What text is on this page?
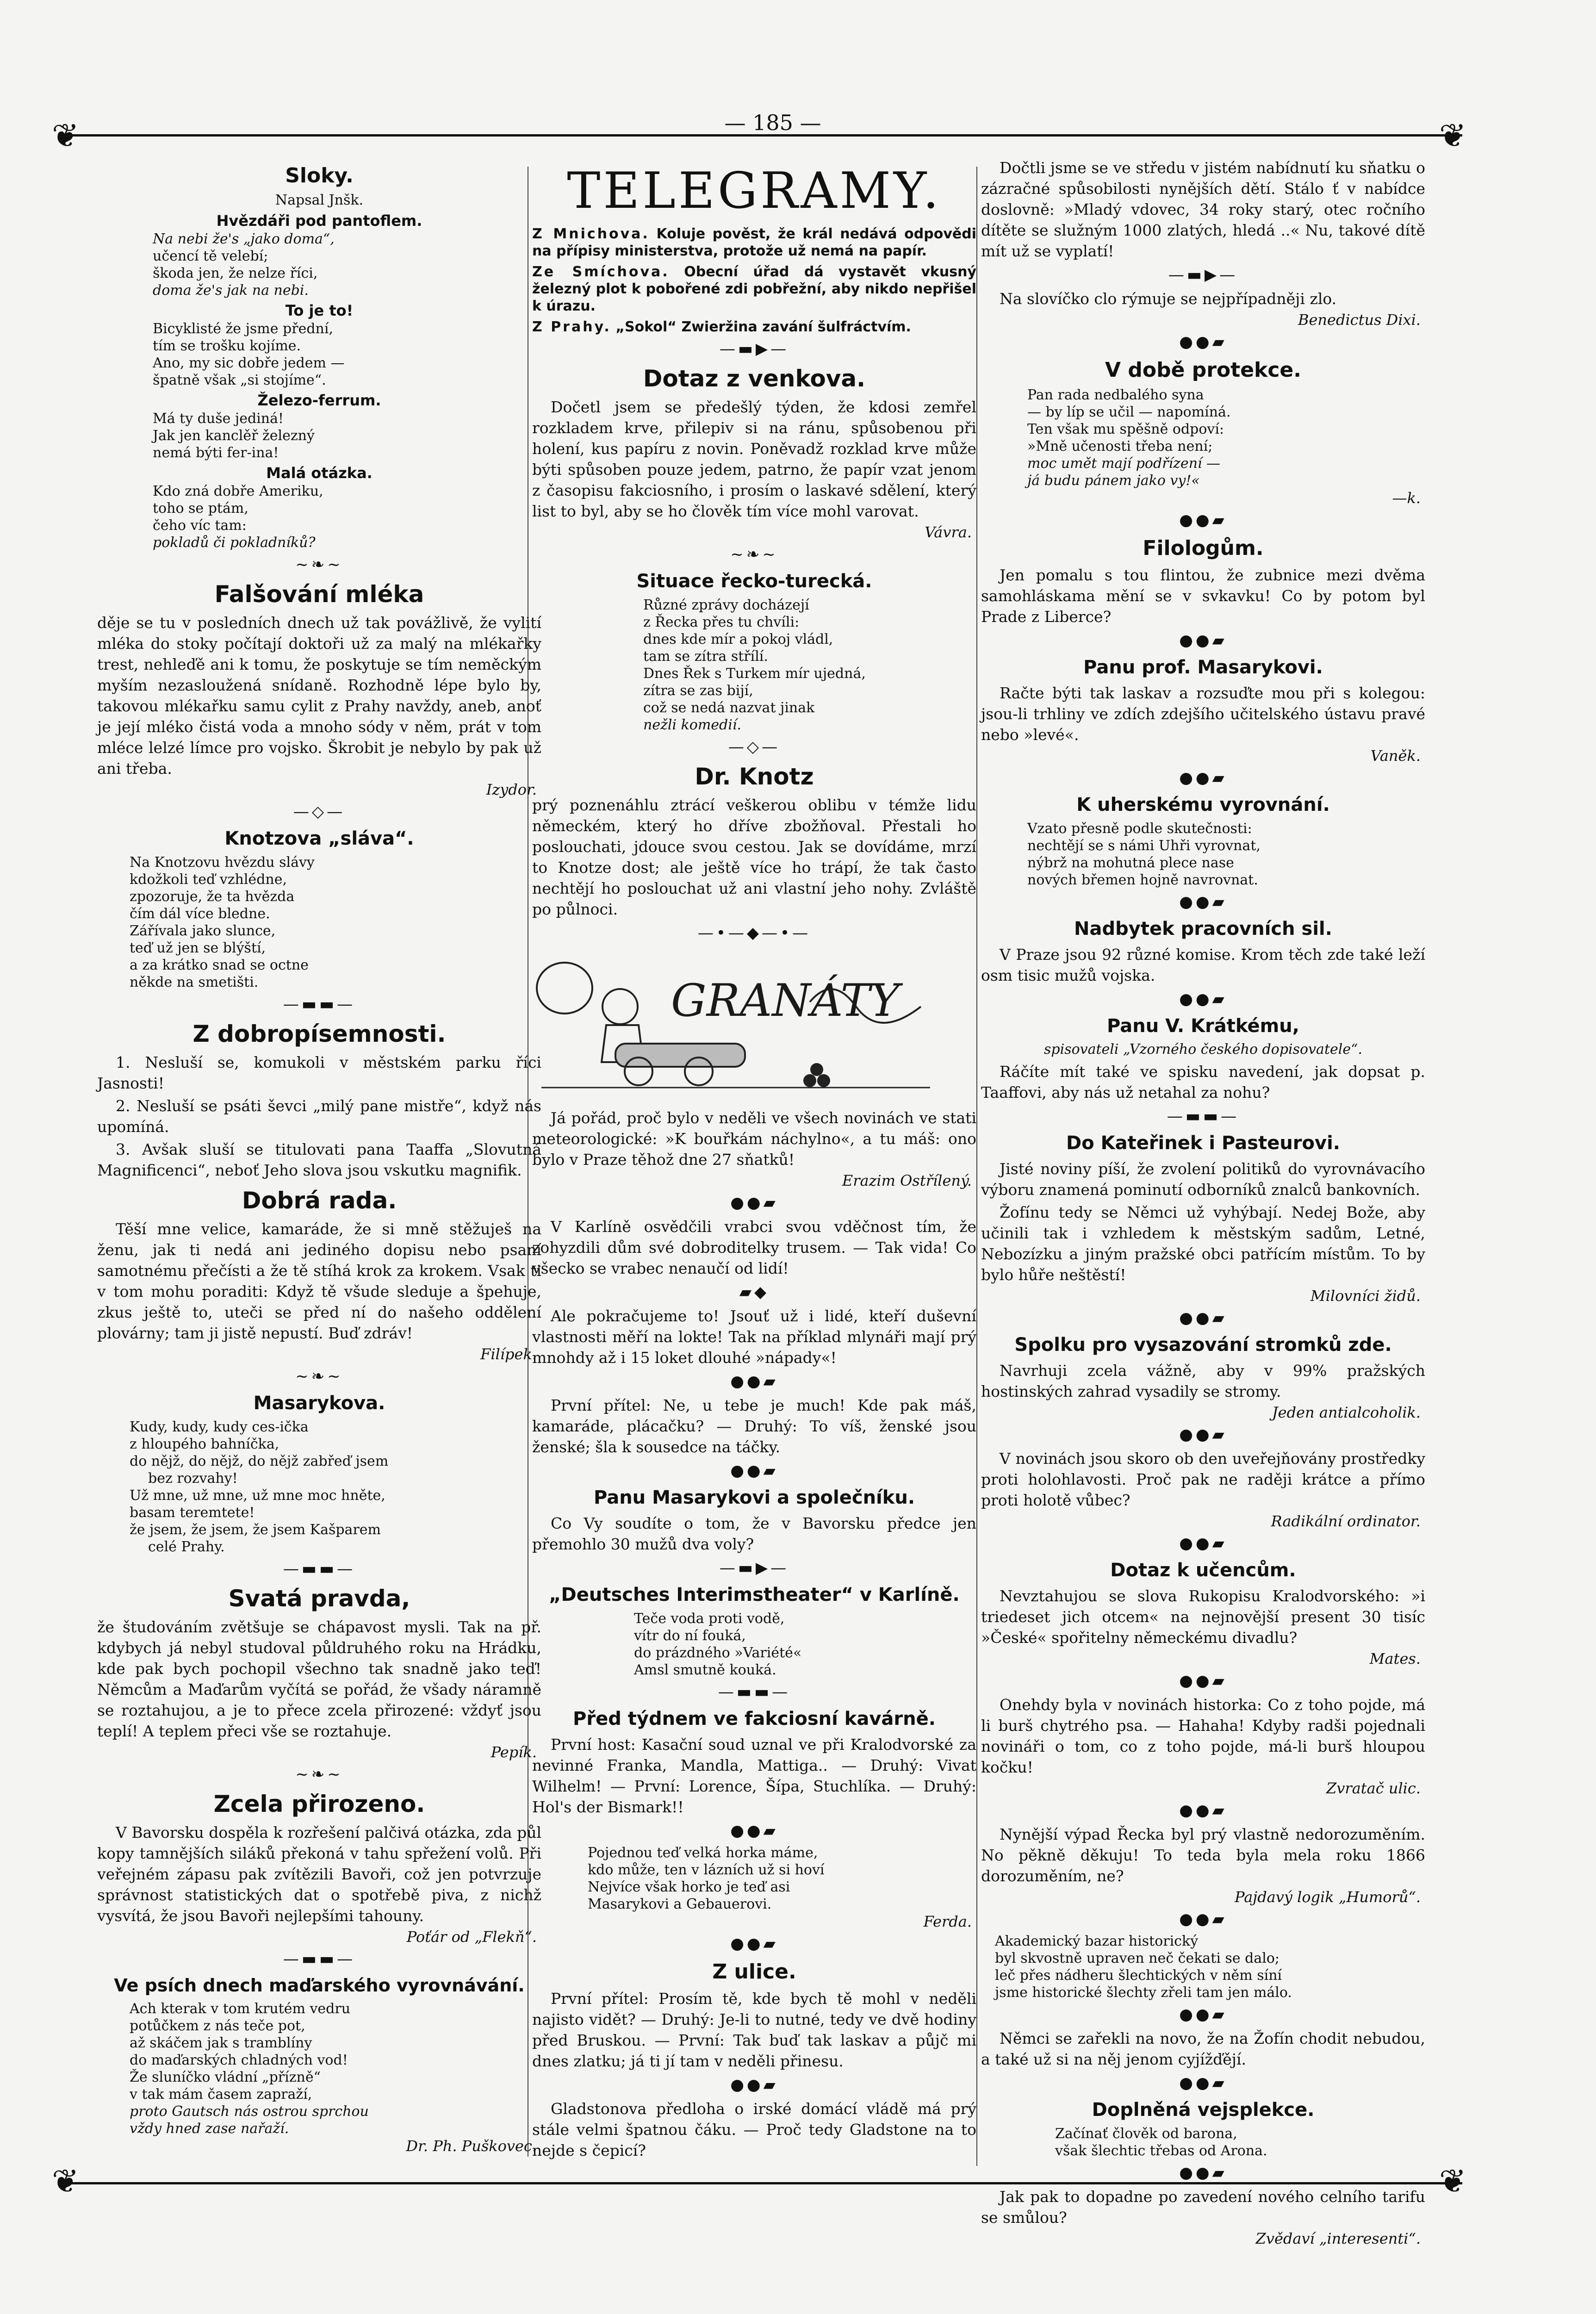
— 185 —
❦	❦
❦	❦
Sloky.
Napsal Jnšk.
Hvězdáři pod pantoflem.
Na nebi že's „jako doma“,
učencí tě velebí;
škoda jen, že nelze říci,
doma že's jak na nebi.
To je to!
Bicyklisté že jsme přední,
tím se trošku kojíme.
Ano, my sic dobře jedem —
špatně však „si stojíme“.
Železo-ferrum.
Má ty duše jediná!
Jak jen kanclěř železný
nemá býti fer-ina!
Malá otázka.
Kdo zná dobře Ameriku,
toho se ptám,
čeho víc tam:
pokladů či pokladníků?
~❧~
Falšování mléka

děje se tu v posledních dnech už tak povážlivě, že vylití mléka do stoky počítají doktoři už za malý na mlékařky trest, nehleďě ani k tomu, že poskytuje se tím neměckým myším nezasloužená snídaně. Rozhodně lépe bylo by, takovou mlékařku samu cylit z Prahy navždy, aneb, anoť je její mléko čistá voda a mnoho sódy v něm, prát v tom mléce lelzé límce pro vojsko. Škrobit je nebylo by pak už ani třeba.

Izydor.
—◇—
Knotzova „sláva“.
Na Knotzovu hvězdu slávy
kdožkoli teď vzhlédne,
zpozoruje, že ta hvězda
čím dál více bledne.
Zářívala jako slunce,
teď už jen se blýští,
a za krátko snad se octne
někde na smetišti.
—▬▬—
Z dobropísemnosti.

1. Nesluší se, komukoli v městském parku říci Jasnosti!

2. Nesluší se psáti ševci „milý pane mistře“, když nás upomíná.

3. Avšak sluší se titulovati pana Taaffa „Slovutná Magnificenci“, neboť Jeho slova jsou vskutku magnifik.

Dobrá rada.

Těší mne velice, kamaráde, že si mně stěžuješ na ženu, jak ti nedá ani jediného dopisu nebo psaní samotnému přečísti a že tě stíhá krok za krokem. Vsak ti v tom mohu poraditi: Když tě všude sleduje a špehuje, zkus ještě to, uteči se před ní do našeho oddělení plovárny; tam ji jistě nepustí. Buď zdráv!

Filípek.
~❧~
Masarykova.
Kudy, kudy, kudy ces-ička
z hloupého bahníčka,
do nějž, do nějž, do nějž zabřeď jsem
bez rozvahy!
Už mne, už mne, už mne moc hněte,
basam teremtete!
že jsem, že jsem, že jsem Kašparem
celé Prahy.
—▬▬—
Svatá pravda,

že študováním zvětšuje se chápavost mysli. Tak na př. kdybych já nebyl studoval půldruhého roku na Hrádku, kde pak bych pochopil všechno tak snadně jako teď! Němcům a Maďarům vyčítá se pořád, že všady náramně se roztahujou, a je to přece zcela přirozené: vždyť jsou teplí! A teplem přeci vše se roztahuje.

Pepík.
~❧~
Zcela přirozeno.

V Bavorsku dospěla k rozřešení palčivá otázka, zda půl kopy tamnějších siláků překoná v tahu spřežení volů. Při veřejném zápasu pak zvítězili Bavoři, což jen potvrzuje správnost statistických dat o spotřebě piva, z nichž vysvítá, že jsou Bavoři nejlepšími tahouny.

Poťár od „Flekň“.
—▬▬—
Ve psích dnech maďarského vyrovnávání.
Ach kterak v tom krutém vedru
potůčkem z nás teče pot,
až skáčem jak s tramblíny
do maďarských chladných vod!
Že sluníčko vládní „přízně“
v tak mám časem zapraží,
proto Gautsch nás ostrou sprchou
vždy hned zase nařaží.
Dr. Ph. Puškovec.
TELEGRAMY.

Z Mnichova. Koluje pověst, že král nedává odpovědi na přípisy ministerstva, protože už nemá na papír.

Ze Smíchova. Obecní úřad dá vystavět vkusný železný plot k pobořené zdi pobřežní, aby nikdo nepřišel k úrazu.

Z Prahy. „Sokol“ Zwieržina zavání šulfráctvím.

—▬▶—
Dotaz z venkova.

Dočetl jsem se předešlý týden, že kdosi zemřel rozkladem krve, přilepiv si na ránu, spůsobenou při holení, kus papíru z novin. Poněvadž rozklad krve může býti spůsoben pouze jedem, patrno, že papír vzat jenom z časopisu fakciosního, i prosím o laskavé sdělení, který list to byl, aby se ho člověk tím více mohl varovat.

Vávra.
~❧~
Situace řecko-turecká.
Různé zprávy docházejí
z Řecka přes tu chvíli:
dnes kde mír a pokoj vládl,
tam se zítra střílí.
Dnes Řek s Turkem mír ujedná,
zítra se zas bijí,
což se nedá nazvat jinak
nežli komedií.
—◇—
Dr. Knotz

prý poznenáhlu ztrácí veškerou oblibu v témže lidu německém, který ho dříve zbožňoval. Přestali ho poslouchati, jdouce svou cestou. Jak se dovídáme, mrzí to Knotze dost; ale ještě více ho trápí, že tak často nechtějí ho poslouchat už ani vlastní jeho nohy. Zvláště po půlnoci.

—•—◆—•—
GRANÁTY

Já pořád, proč bylo v neděli ve všech novinách ve stati meteorologické: »K bouřkám náchylno«, a tu máš: ono bylo v Praze těhož dne 27 sňatků!

Erazim Ostřílený.
●●▰

V Karlíně osvědčili vrabci svou vděčnost tím, že zohyzdili dům své dobroditelky trusem. — Tak vida! Co všecko se vrabec nenaučí od lidí!

▰◆

Ale pokračujeme to! Jsouť už i lidé, kteří duševní vlastnosti měří na lokte! Tak na příklad mlynáři mají prý mnohdy až i 15 loket dlouhé »nápady«!

●●▰

První přítel: Ne, u tebe je much! Kde pak máš, kamaráde, plácačku? — Druhý: To víš, ženské jsou ženské; šla k sousedce na táčky.

●●▰
Panu Masarykovi a společníku.

Co Vy soudíte o tom, že v Bavorsku předce jen přemohlo 30 mužů dva voly?

—▬▶—
„Deutsches Interimstheater“ v Karlíně.
Teče voda proti vodě,
vítr do ní fouká,
do prázdného »Variété«
Amsl smutně kouká.
—▬▬—
Před týdnem ve fakciosní kavárně.

První host: Kasační soud uznal ve při Kralodvorské za nevinné Franka, Mandla, Mattiga.. — Druhý: Vivat Wilhelm! — První: Lorence, Šípa, Stuchlíka. — Druhý: Hol's der Bismark!!

●●▰
Pojednou teď velká horka máme,
kdo může, ten v lázních už si hoví
Nejvíce však horko je teď asi
Masarykovi a Gebauerovi.
Ferda.
●●▰
Z ulice.

První přítel: Prosím tě, kde bych tě mohl v neděli najisto vidět? — Druhý: Je-li to nutné, tedy ve dvě hodiny před Bruskou. — První: Tak buď tak laskav a půjč mi dnes zlatku; já ti jí tam v neděli přinesu.

●●▰

Gladstonova předloha o irské domácí vládě má prý stále velmi špatnou čáku. — Proč tedy Gladstone na to nejde s čepicí?

Dočtli jsme se ve středu v jistém nabídnutí ku sňatku o zázračné spůsobilosti nynějších dětí. Stálo ť v nabídce doslovně: »Mladý vdovec, 34 roky starý, otec ročního dítěte se služným 1000 zlatých, hledá ..« Nu, takové dítě mít už se vyplatí!

—▬▶—

Na slovíčko clo rýmuje se nejpřípadněji zlo.

Benedictus Dixi.
●●▰
V době protekce.
Pan rada nedbalého syna
— by líp se učil — napomíná.
Ten však mu spěšně odpoví:
»Mně učenosti třeba není;
moc umět mají podřízení —
já budu pánem jako vy!«
—k.
●●▰
Filologům.

Jen pomalu s tou flintou, že zubnice mezi dvěma samohláskama mění se v svkavku! Co by potom byl Prade z Liberce?

●●▰
Panu prof. Masarykovi.

Račte býti tak laskav a rozsuďte mou při s kolegou: jsou-li trhliny ve zdích zdejšího učitelského ústavu pravé nebo »levé«.

Vaněk.
●●▰
K uherskému vyrovnání.
Vzato přesně podle skutečnosti:
nechtějí se s námi Uhři vyrovnat,
nýbrž na mohutná plece nase
nových břemen hojně navrovnat.
●●▰
Nadbytek pracovních sil.

V Praze jsou 92 různé komise. Krom těch zde také leží osm tisic mužů vojska.

●●▰
Panu V. Krátkému,
spisovateli „Vzorného českého dopisovatele“.

Ráčíte mít také ve spisku navedení, jak dopsat p. Taaffovi, aby nás už netahal za nohu?

—▬▬—
Do Kateřinek i Pasteurovi.

Jisté noviny píší, že zvolení politiků do vyrovnávacího výboru znamená pominutí odborníků znalců bankovních.

Žofínu tedy se Němci už vyhýbají. Nedej Bože, aby učinili tak i vzhledem k městským sadům, Letné, Nebozízku a jiným pražské obci patřícím místům. To by bylo hůře neštěstí!

Milovníci židů.
●●▰
Spolku pro vysazování stromků zde.

Navrhuji zcela vážně, aby v 99% pražských hostinských zahrad vysadily se stromy.

Jeden antialcoholik.
●●▰

V novinách jsou skoro ob den uveřejňovány prostředky proti holohlavosti. Proč pak ne raději krátce a přímo proti holotě vůbec?

Radikální ordinator.
●●▰
Dotaz k učencům.

Nevztahujou se slova Rukopisu Kralodvorského: »i triedeset jich otcem« na nejnovější present 30 tisíc »České« spořitelny německému divadlu?

Mates.
●●▰

Onehdy byla v novinách historka: Co z toho pojde, má li burš chytrého psa. — Hahaha! Kdyby radši pojednali novináři o tom, co z toho pojde, má-li burš hloupou kočku!

Zvratač ulic.
●●▰

Nynější výpad Řecka byl prý vlastně nedorozuměním. No pěkně děkuju! To teda byla mela roku 1866 dorozuměním, ne?

Pajdavý logik „Humorů“.
●●▰
Akademický bazar historický
byl skvostně upraven neč čekati se dalo;
leč přes nádheru šlechtických v něm síní
jsme historické šlechty zřeli tam jen málo.
●●▰

Němci se zařekli na novo, že na Žofín chodit nebudou, a také už si na něj jenom cyjížďějí.

●●▰
Doplněná vejsplekce.
Začínať člověk od barona,
však šlechtic třebas od Arona.
●●▰

Jak pak to dopadne po zavedení nového celního tarifu se smůlou?

Zvědaví „interesenti“.
